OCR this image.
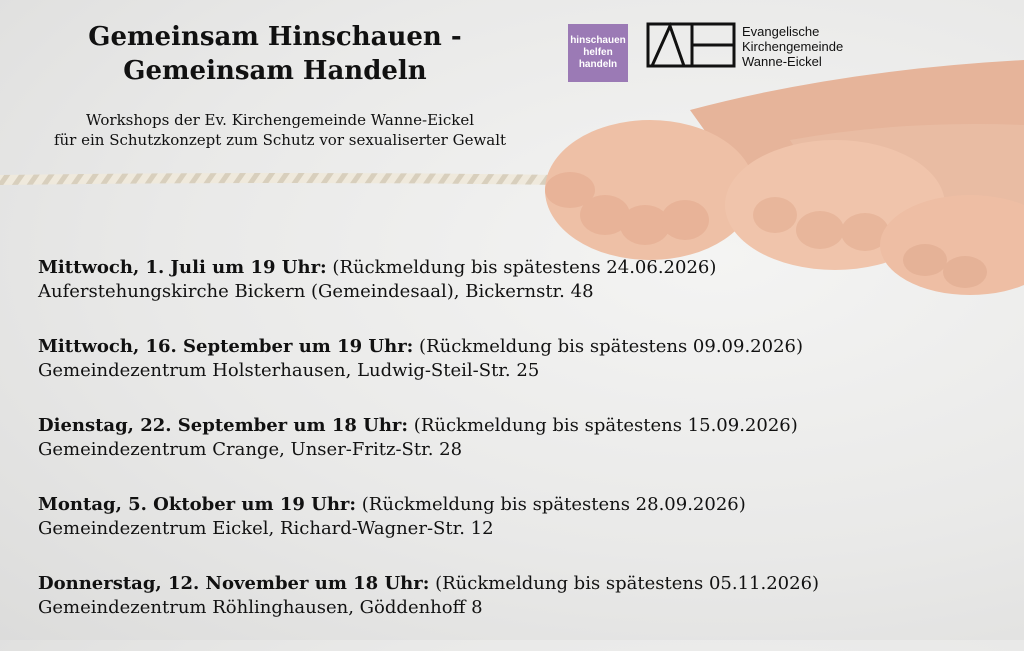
Gemeinsam Hinschauen -
Gemeinsam Handeln
Workshops der Ev. Kirchengemeinde Wanne-Eickel
für ein Schutzkonzept zum Schutz vor sexualiserter Gewalt
hinschauen
helfen
handeln
Evangelische
Kirchengemeinde
Wanne-Eickel
Mittwoch, 1. Juli um 19 Uhr: (Rückmeldung bis spätestens 24.06.2026)
Auferstehungskirche Bickern (Gemeindesaal), Bickernstr. 48
Mittwoch, 16. September um 19 Uhr: (Rückmeldung bis spätestens 09.09.2026)
Gemeindezentrum Holsterhausen, Ludwig-Steil-Str. 25
Dienstag, 22. September um 18 Uhr: (Rückmeldung bis spätestens 15.09.2026)
Gemeindezentrum Crange, Unser-Fritz-Str. 28
Montag, 5. Oktober um 19 Uhr: (Rückmeldung bis spätestens 28.09.2026)
Gemeindezentrum Eickel, Richard-Wagner-Str. 12
Donnerstag, 12. November um 18 Uhr: (Rückmeldung bis spätestens 05.11.2026)
Gemeindezentrum Röhlinghausen, Göddenhoff 8
